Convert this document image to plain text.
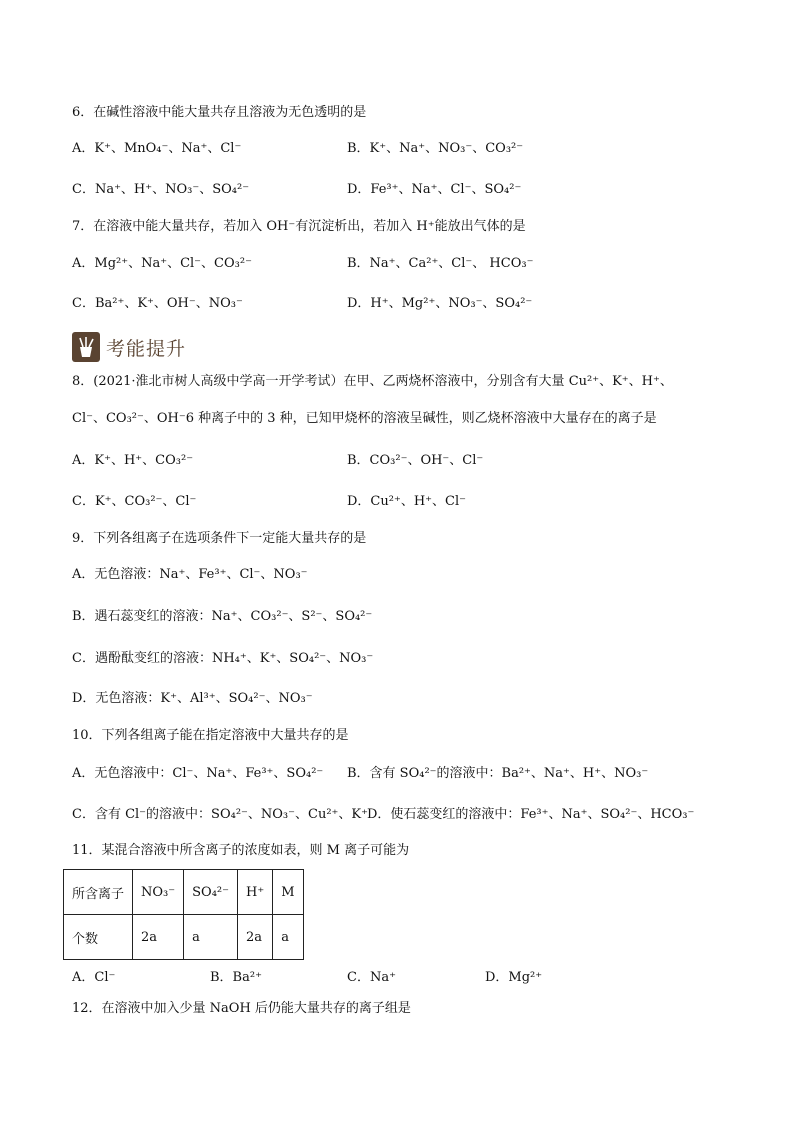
6．在碱性溶液中能大量共存且溶液为无色透明的是
A．K⁺、MnO₄⁻、Na⁺、Cl⁻	B．K⁺、Na⁺、NO₃⁻、CO₃²⁻
C．Na⁺、H⁺、NO₃⁻、SO₄²⁻	D．Fe³⁺、Na⁺、Cl⁻、SO₄²⁻
7．在溶液中能大量共存，若加入 OH⁻有沉淀析出，若加入 H⁺能放出气体的是
A．Mg²⁺、Na⁺、Cl⁻、CO₃²⁻	B．Na⁺、Ca²⁺、Cl⁻、 HCO₃⁻
C．Ba²⁺、K⁺、OH⁻、NO₃⁻	D．H⁺、Mg²⁺、NO₃⁻、SO₄²⁻
考能提升
8．(2021·淮北市树人高级中学高一开学考试）在甲、乙两烧杯溶液中，分别含有大量 Cu²⁺、K⁺、H⁺、
Cl⁻、CO₃²⁻、OH⁻6 种离子中的 3 种，已知甲烧杯的溶液呈碱性，则乙烧杯溶液中大量存在的离子是
A．K⁺、H⁺、CO₃²⁻	B．CO₃²⁻、OH⁻、Cl⁻
C．K⁺、CO₃²⁻、Cl⁻	D．Cu²⁺、H⁺、Cl⁻
9．下列各组离子在选项条件下一定能大量共存的是
A．无色溶液：Na⁺、Fe³⁺、Cl⁻、NO₃⁻
B．遇石蕊变红的溶液：Na⁺、CO₃²⁻、S²⁻、SO₄²⁻
C．遇酚酞变红的溶液：NH₄⁺、K⁺、SO₄²⁻、NO₃⁻
D．无色溶液：K⁺、Al³⁺、SO₄²⁻、NO₃⁻
10．下列各组离子能在指定溶液中大量共存的是
A．无色溶液中：Cl⁻、Na⁺、Fe³⁺、SO₄²⁻ B．含有 SO₄²⁻的溶液中：Ba²⁺、Na⁺、H⁺、NO₃⁻
C．含有 Cl⁻的溶液中：SO₄²⁻、NO₃⁻、Cu²⁺、K⁺ D．使石蕊变红的溶液中：Fe³⁺、Na⁺、SO₄²⁻、HCO₃⁻
11．某混合溶液中所含离子的浓度如表，则 M 离子可能为
所含离子	NO₃⁻	SO₄²⁻	H⁺	M
个数	2a	a	2a	a
A．Cl⁻	B．Ba²⁺	C．Na⁺	D．Mg²⁺
12．在溶液中加入少量 NaOH 后仍能大量共存的离子组是
